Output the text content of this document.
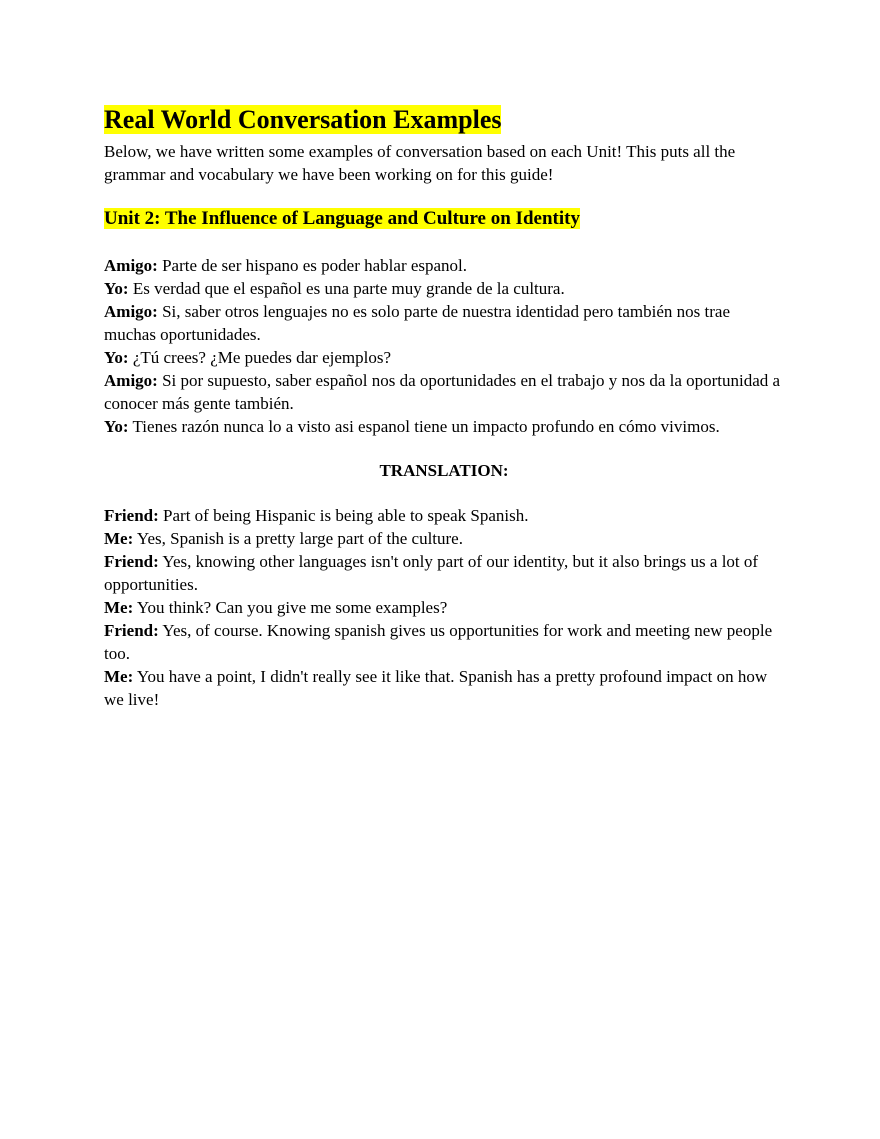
Real World Conversation Examples

Below, we have written some examples of conversation based on each Unit! This puts all the grammar and vocabulary we have been working on for this guide!

Unit 2: The Influence of Language and Culture on Identity

Amigo: Parte de ser hispano es poder hablar espanol.

Yo: Es verdad que el español es una parte muy grande de la cultura.

Amigo: Si, saber otros lenguajes no es solo parte de nuestra identidad pero también nos trae muchas oportunidades.

Yo: ¿Tú crees? ¿Me puedes dar ejemplos?

Amigo: Si por supuesto, saber español nos da oportunidades en el trabajo y nos da la oportunidad a conocer más gente también.

Yo: Tienes razón nunca lo a visto asi espanol tiene un impacto profundo en cómo vivimos.

TRANSLATION:

Friend: Part of being Hispanic is being able to speak Spanish.

Me: Yes, Spanish is a pretty large part of the culture.

Friend: Yes, knowing other languages isn't only part of our identity, but it also brings us a lot of opportunities.

Me: You think? Can you give me some examples?

Friend: Yes, of course. Knowing spanish gives us opportunities for work and meeting new people too.

Me: You have a point, I didn't really see it like that. Spanish has a pretty profound impact on how we live!
